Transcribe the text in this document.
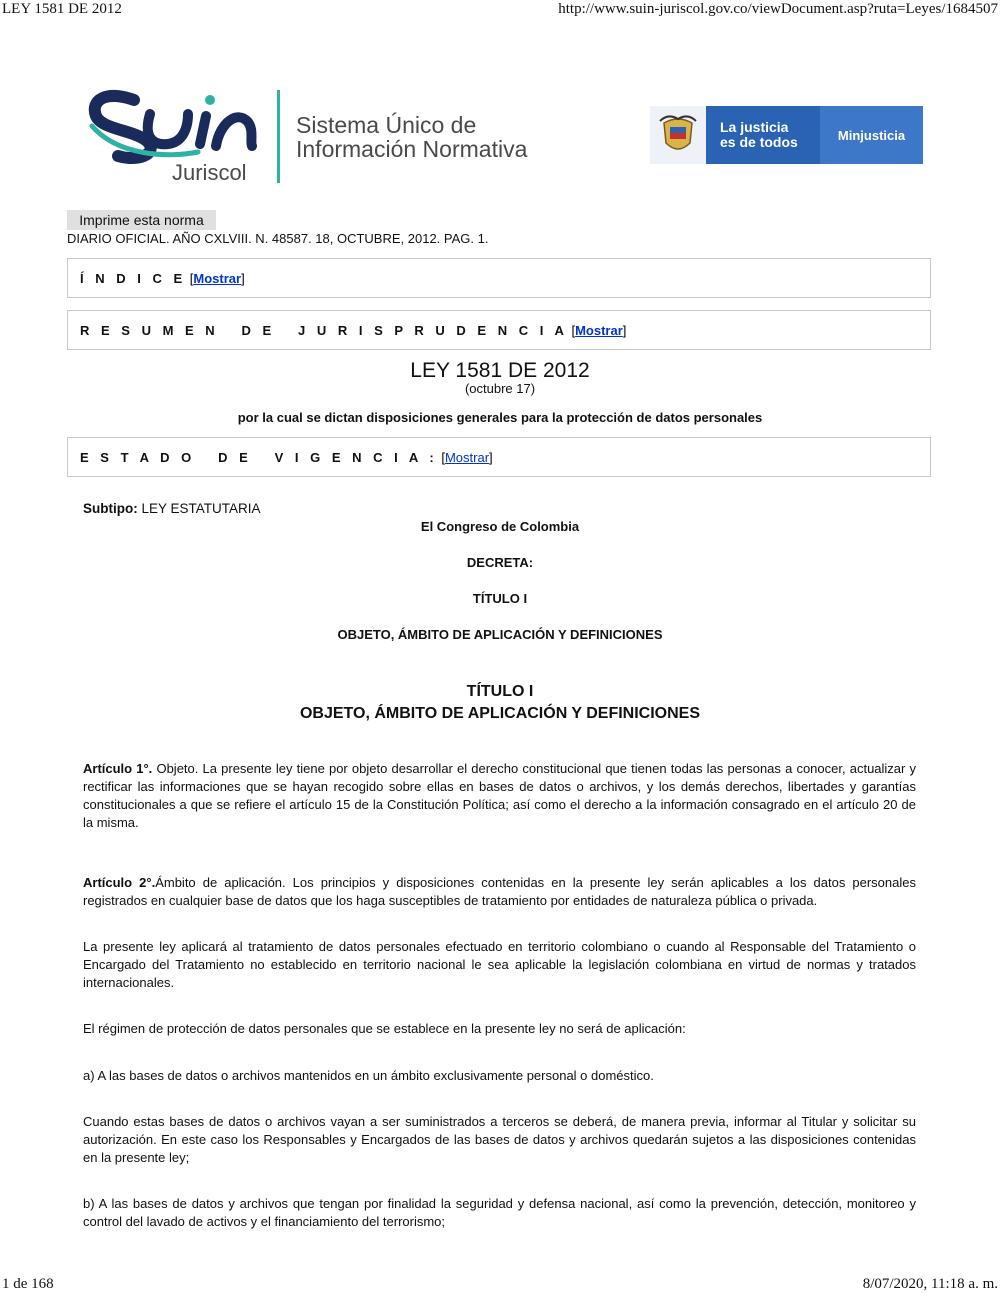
LEY 1581 DE 2012	http://www.suin-juriscol.gov.co/viewDocument.asp?ruta=Leyes/1684507
Juriscol
Sistema Único de
Información Normativa
La justicia
es de todos	Minjusticia
Imprime esta norma
DIARIO OFICIAL. AÑO CXLVIII. N. 48587. 18, OCTUBRE, 2012. PAG. 1.
Í N D I C E [Mostrar]
R E S U M E N   D E   J U R I S P R U D E N C I A [Mostrar]
LEY 1581 DE 2012
(octubre 17)
por la cual se dictan disposiciones generales para la protección de datos personales
E S T A D O   D E   V I G E N C I A : [Mostrar]
Subtipo: LEY ESTATUTARIA
El Congreso de Colombia
DECRETA:
TÍTULO I
OBJETO, ÁMBITO DE APLICACIÓN Y DEFINICIONES
TÍTULO I
OBJETO, ÁMBITO DE APLICACIÓN Y DEFINICIONES
Artículo 1°. Objeto. La presente ley tiene por objeto desarrollar el derecho constitucional que tienen todas las personas a conocer, actualizar y rectificar las informaciones que se hayan recogido sobre ellas en bases de datos o archivos, y los demás derechos, libertades y garantías constitucionales a que se refiere el artículo 15 de la Constitución Política; así como el derecho a la información consagrado en el artículo 20 de la misma.
Artículo 2°.Ámbito de aplicación. Los principios y disposiciones contenidas en la presente ley serán aplicables a los datos personales registrados en cualquier base de datos que los haga susceptibles de tratamiento por entidades de naturaleza pública o privada.
La presente ley aplicará al tratamiento de datos personales efectuado en territorio colombiano o cuando al Responsable del Tratamiento o Encargado del Tratamiento no establecido en territorio nacional le sea aplicable la legislación colombiana en virtud de normas y tratados internacionales.
El régimen de protección de datos personales que se establece en la presente ley no será de aplicación:
a) A las bases de datos o archivos mantenidos en un ámbito exclusivamente personal o doméstico.
Cuando estas bases de datos o archivos vayan a ser suministrados a terceros se deberá, de manera previa, informar al Titular y solicitar su autorización. En este caso los Responsables y Encargados de las bases de datos y archivos quedarán sujetos a las disposiciones contenidas en la presente ley;
b) A las bases de datos y archivos que tengan por finalidad la seguridad y defensa nacional, así como la prevención, detección, monitoreo y control del lavado de activos y el financiamiento del terrorismo;
1 de 168	8/07/2020, 11:18 a. m.
